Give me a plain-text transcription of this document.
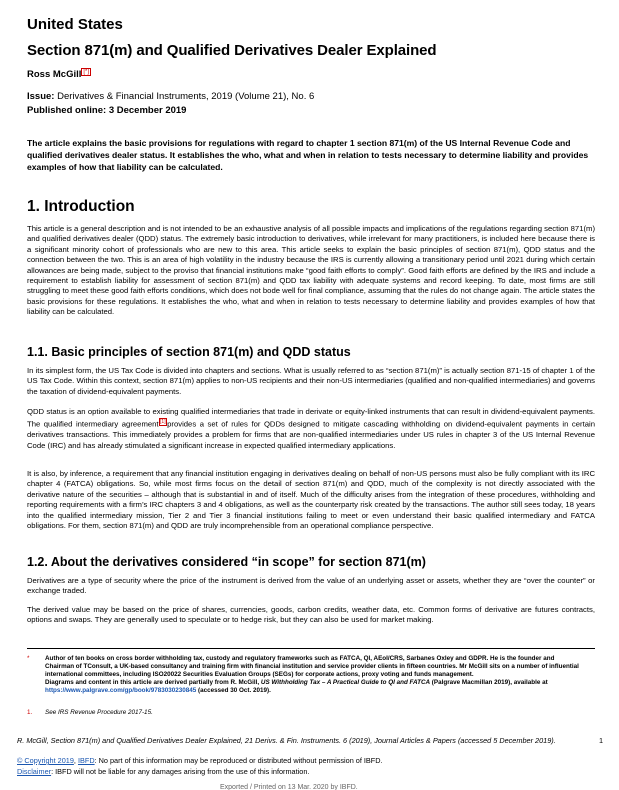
United States
Section 871(m) and Qualified Derivatives Dealer Explained
Ross McGill [*]
Issue: Derivatives & Financial Instruments, 2019 (Volume 21), No. 6
Published online: 3 December 2019
The article explains the basic provisions for regulations with regard to chapter 1 section 871(m) of the US Internal Revenue Code and qualified derivatives dealer status. It establishes the who, what and when in relation to tests necessary to determine liability and provides examples of how that liability can be calculated.
1. Introduction
This article is a general description and is not intended to be an exhaustive analysis of all possible impacts and implications of the regulations regarding section 871(m) and qualified derivatives dealer (QDD) status. The extremely basic introduction to derivatives, while irrelevant for many practitioners, is included here because there is a significant minority cohort of professionals who are new to this area. This article seeks to explain the basic principles of section 871(m), QDD status and the connection between the two. This is an area of high volatility in the industry because the IRS is currently allowing a transitionary period until 2021 during which certain allowances are being made, subject to the proviso that financial institutions make “good faith efforts to comply”. Good faith efforts are defined by the IRS and include a requirement to establish liability for assessment of section 871(m) and QDD tax liability with adequate systems and record keeping. To date, most firms are still struggling to meet these good faith efforts conditions, which does not bode well for final compliance, assuming that the rules do not change again. The article states the basic provisions for these regulations. It establishes the who, what and when in relation to tests necessary to determine liability and provides examples of how that liability can be calculated.
1.1. Basic principles of section 871(m) and QDD status
In its simplest form, the US Tax Code is divided into chapters and sections. What is usually referred to as “section 871(m)” is actually section 871-15 of chapter 1 of the US Tax Code. Within this context, section 871(m) applies to non-US recipients and their non-US intermediaries (qualified and non-qualified intermediaries) and governs the taxation of dividend-equivalent payments.
QDD status is an option available to existing qualified intermediaries that trade in derivate or equity-linked instruments that can result in dividend-equivalent payments. The qualified intermediary agreement [1] provides a set of rules for QDDs designed to mitigate cascading withholding on dividend-equivalent payments in certain derivatives transactions. This immediately provides a problem for firms that are non-qualified intermediaries under US rules in chapter 3 of the US Internal Revenue Code (IRC) and has already stimulated a significant increase in expected qualified intermediary applications.
It is also, by inference, a requirement that any financial institution engaging in derivatives dealing on behalf of non-US persons must also be fully compliant with its IRC chapter 4 (FATCA) obligations. So, while most firms focus on the detail of section 871(m) and QDD, much of the complexity is not directly associated with the derivative nature of the securities – although that is substantial in and of itself. Much of the difficulty arises from the integration of these procedures, withholding and reporting requirements with a firm’s IRC chapters 3 and 4 obligations, as well as the counterparty risk created by the transactions. The author still sees today, 18 years into the qualified intermediary mission, Tier 2 and Tier 3 financial institutions failing to meet or even understand their basic qualified intermediary and FATCA obligations. For them, section 871(m) and QDD are truly incomprehensible from an operational compliance perspective.
1.2. About the derivatives considered “in scope” for section 871(m)
Derivatives are a type of security where the price of the instrument is derived from the value of an underlying asset or assets, whether they are “over the counter” or exchange traded.
The derived value may be based on the price of shares, currencies, goods, carbon credits, weather data, etc. Common forms of derivative are futures contracts, options and swaps. They are generally used to speculate or to hedge risk, but they can also be used for market making.
* Author of ten books on cross border withholding tax, custody and regulatory frameworks such as FATCA, QI, AEoI/CRS, Sarbanes Oxley and GDPR. He is the founder and Chairman of TConsult, a UK-based consultancy and training firm with financial institution and service provider clients in fifteen countries. Mr McGill sits on a number of influential international committees, including ISO20022 Securities Evaluation Groups (SEGs) for corporate actions, proxy voting and funds management.
Diagrams and content in this article are derived partially from R. McGill, US Withholding Tax – A Practical Guide to QI and FATCA (Palgrave Macmillan 2019), available at https://www.palgrave.com/gp/book/9783030230845 (accessed 30 Oct. 2019).
1. See IRS Revenue Procedure 2017-15.
R. McGill, Section 871(m) and Qualified Derivatives Dealer Explained, 21 Derivs. & Fin. Instruments. 6 (2019), Journal Articles & Papers (accessed 5 December 2019).	1
© Copyright 2019, IBFD: No part of this information may be reproduced or distributed without permission of IBFD.
Disclaimer: IBFD will not be liable for any damages arising from the use of this information.
Exported / Printed on 13 Mar. 2020 by IBFD.
